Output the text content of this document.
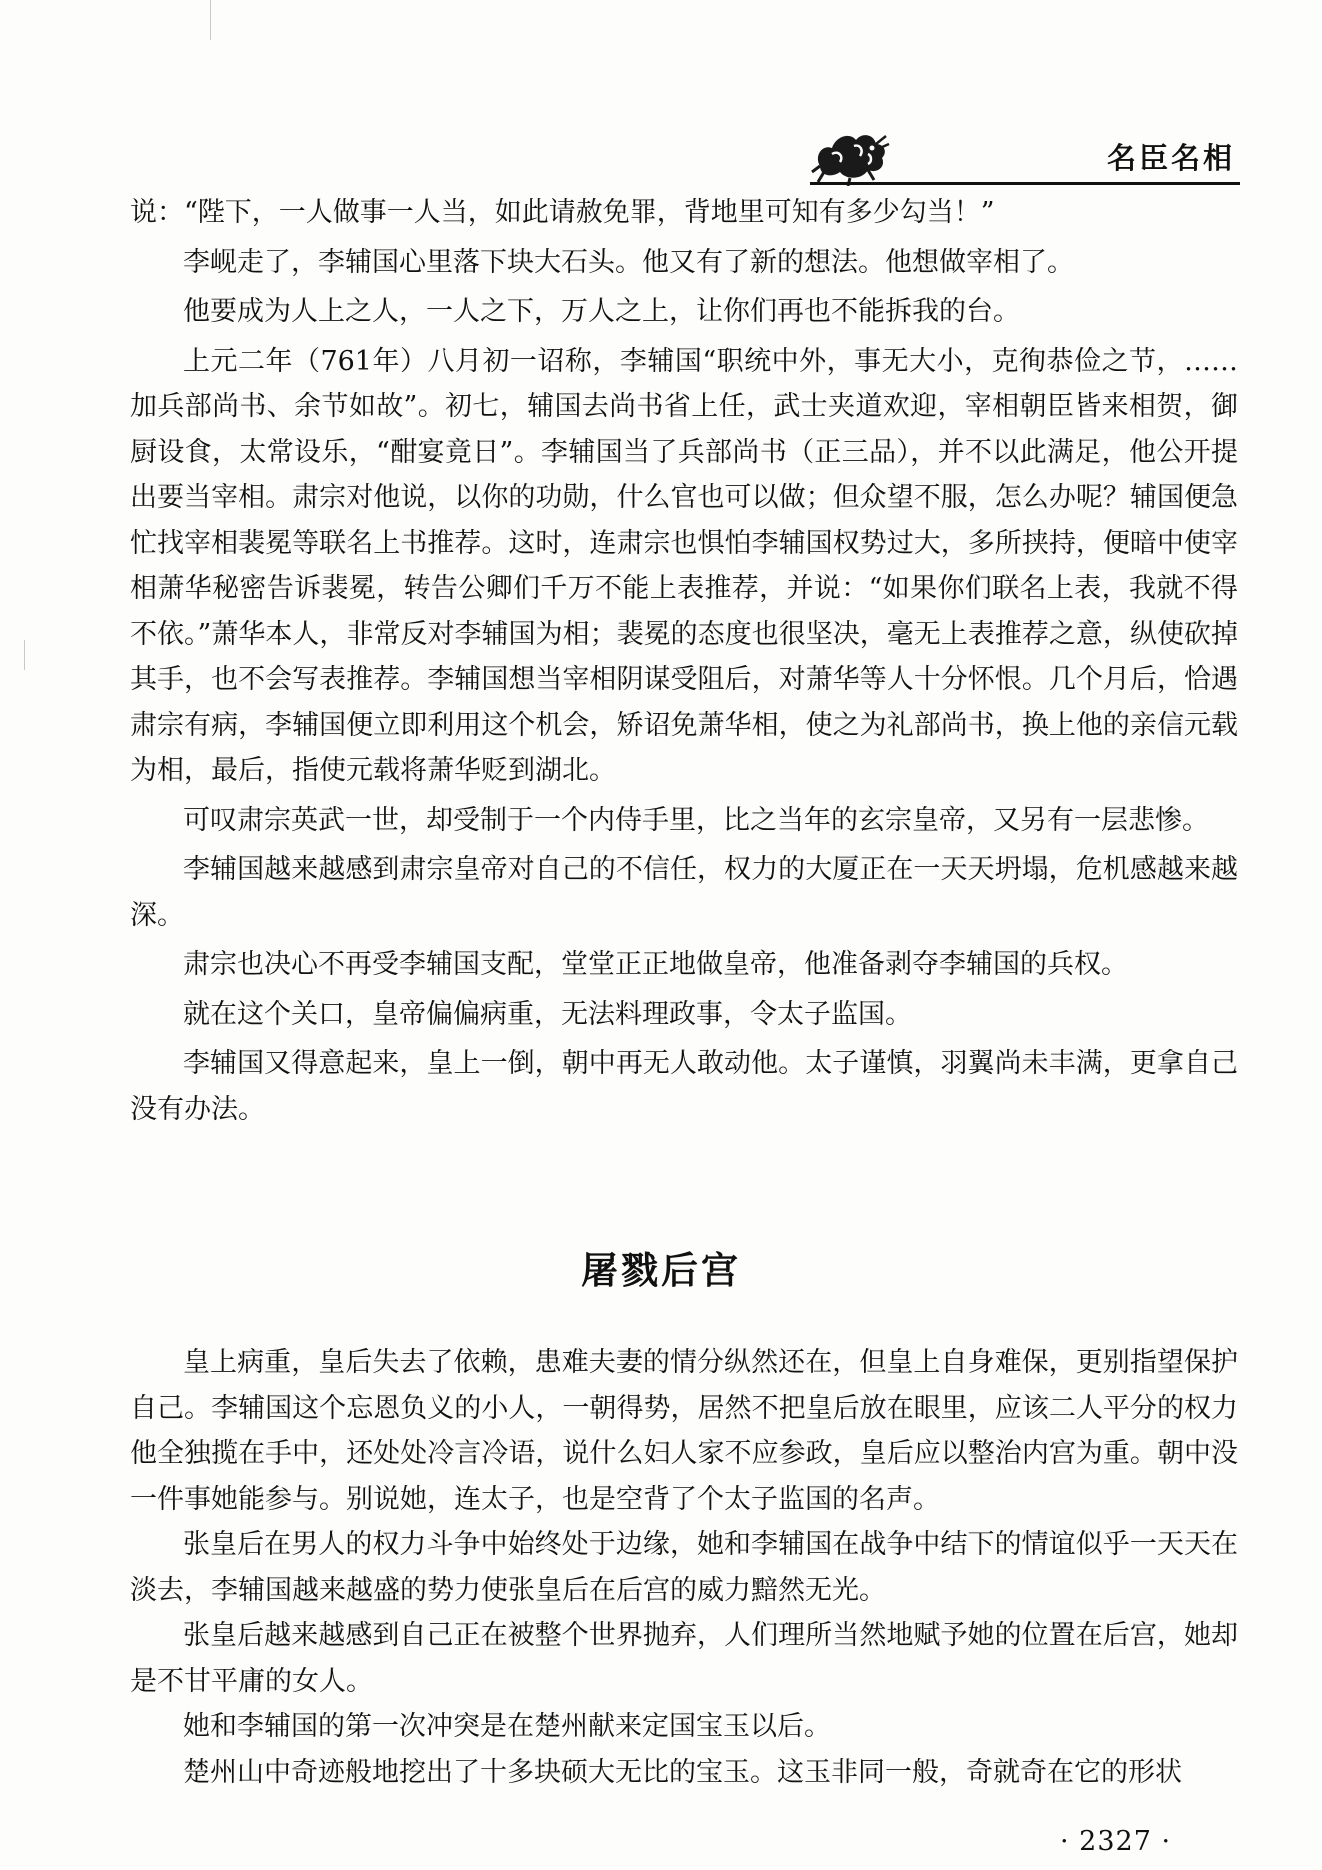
名臣名相

说：“陛下，一人做事一人当，如此请赦免罪，背地里可知有多少勾当！”

李岘走了，李辅国心里落下块大石头。他又有了新的想法。他想做宰相了。

他要成为人上之人，一人之下，万人之上，让你们再也不能拆我的台。

上元二年（761年）八月初一诏称，李辅国“职统中外，事无大小，克徇恭俭之节，……加兵部尚书、余节如故”。初七，辅国去尚书省上任，武士夹道欢迎，宰相朝臣皆来相贺，御厨设食，太常设乐，“酣宴竟日”。李辅国当了兵部尚书（正三品），并不以此满足，他公开提出要当宰相。肃宗对他说，以你的功勋，什么官也可以做；但众望不服，怎么办呢？辅国便急忙找宰相裴冕等联名上书推荐。这时，连肃宗也惧怕李辅国权势过大，多所挟持，便暗中使宰相萧华秘密告诉裴冕，转告公卿们千万不能上表推荐，并说：“如果你们联名上表，我就不得不依。”萧华本人，非常反对李辅国为相；裴冕的态度也很坚决，毫无上表推荐之意，纵使砍掉其手，也不会写表推荐。李辅国想当宰相阴谋受阻后，对萧华等人十分怀恨。几个月后，恰遇肃宗有病，李辅国便立即利用这个机会，矫诏免萧华相，使之为礼部尚书，换上他的亲信元载为相，最后，指使元载将萧华贬到湖北。

可叹肃宗英武一世，却受制于一个内侍手里，比之当年的玄宗皇帝，又另有一层悲惨。

李辅国越来越感到肃宗皇帝对自己的不信任，权力的大厦正在一天天坍塌，危机感越来越深。

肃宗也决心不再受李辅国支配，堂堂正正地做皇帝，他准备剥夺李辅国的兵权。

就在这个关口，皇帝偏偏病重，无法料理政事，令太子监国。

李辅国又得意起来，皇上一倒，朝中再无人敢动他。太子谨慎，羽翼尚未丰满，更拿自己没有办法。

屠戮后宫

皇上病重，皇后失去了依赖，患难夫妻的情分纵然还在，但皇上自身难保，更别指望保护自己。李辅国这个忘恩负义的小人，一朝得势，居然不把皇后放在眼里，应该二人平分的权力他全独揽在手中，还处处冷言冷语，说什么妇人家不应参政，皇后应以整治内宫为重。朝中没一件事她能参与。别说她，连太子，也是空背了个太子监国的名声。

张皇后在男人的权力斗争中始终处于边缘，她和李辅国在战争中结下的情谊似乎一天天在淡去，李辅国越来越盛的势力使张皇后在后宫的威力黯然无光。

张皇后越来越感到自己正在被整个世界抛弃，人们理所当然地赋予她的位置在后宫，她却是不甘平庸的女人。

她和李辅国的第一次冲突是在楚州献来定国宝玉以后。

楚州山中奇迹般地挖出了十多块硕大无比的宝玉。这玉非同一般，奇就奇在它的形状

· 2327 ·
